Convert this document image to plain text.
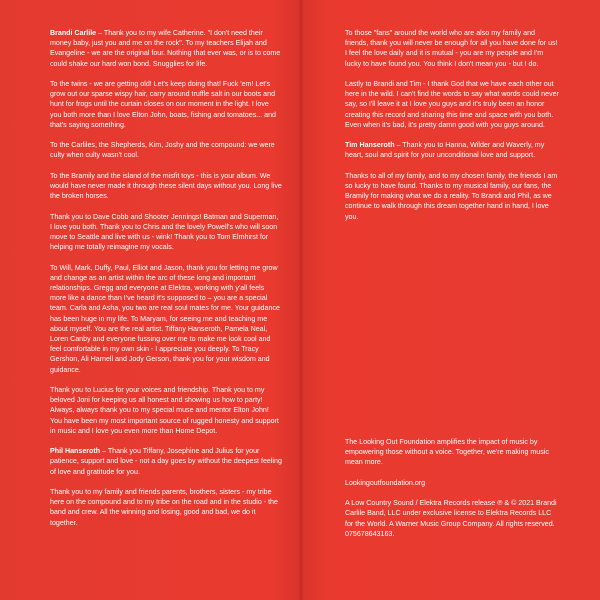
Brandi Carlile – Thank you to my wife Catherine. "I don't need their money baby, just you and me on the rock". To my teachers Elijah and Evangeline - we are the original four. Nothing that ever was, or is to come could shake our hard won bond. Snugglies for life.

To the twins - we are getting old! Let's keep doing that! Fuck 'em! Let's grow out our sparse wispy hair, carry around truffle salt in our boots and hunt for frogs until the curtain closes on our moment in the light. I love you both more than I love Elton John, boats, fishing and tomatoes... and that's saying something.

To the Carliles, the Shepherds, Kim, Joshy and the compound: we were culty when culty wasn't cool.

To the Bramily and the island of the misfit toys - this is your album. We would have never made it through these silent days without you. Long live the broken horses.

Thank you to Dave Cobb and Shooter Jennings! Batman and Superman, I love you both. Thank you to Chris and the lovely Powell's who will soon move to Seattle and live with us - wink! Thank you to Tom Elmhirst for helping me totally reimagine my vocals.

To Will, Mark, Duffy, Paul, Elliot and Jason, thank you for letting me grow and change as an artist within the arc of these long and important relationships. Gregg and everyone at Elektra, working with y'all feels more like a dance than I've heard it's supposed to – you are a special team. Carla and Asha, you two are real soul mates for me. Your guidance has been huge in my life. To Maryam, for seeing me and teaching me about myself. You are the real artist. Tiffany Hanseroth, Pamela Neal, Loren Canby and everyone fussing over me to make me look cool and feel comfortable in my own skin - I appreciate you deeply. To Tracy Gershon, Ali Harnell and Jody Gerson, thank you for your wisdom and guidance.

Thank you to Lucius for your voices and friendship. Thank you to my beloved Joni for keeping us all honest and showing us how to party! Always, always thank you to my special muse and mentor Elton John! You have been my most important source of rugged honesty and support in music and I love you even more than Home Depot.

Phil Hanseroth – Thank you Tiffany, Josephine and Julius for your patience, support and love - not a day goes by without the deepest feeling of love and gratitude for you.

Thank you to my family and friends parents, brothers, sisters - my tribe here on the compound and to my tribe on the road and in the studio - the band and crew. All the winning and losing, good and bad, we do it together.

To those "fans" around the world who are also my family and friends, thank you will never be enough for all you have done for us! I feel the love daily and it is mutual - you are my people and I'm lucky to have found you. You think I don't mean you - but I do.

Lastly to Brandi and Tim - I thank God that we have each other out here in the wild. I can't find the words to say what words could never say, so I'll leave it at I love you guys and it's truly been an honor creating this record and sharing this time and space with you both. Even when it's bad, it's pretty damn good with you guys around.

Tim Hanseroth – Thank you to Hanna, Wilder and Waverly, my heart, soul and spirit for your unconditional love and support.

Thanks to all of my family, and to my chosen family, the friends I am so lucky to have found. Thanks to my musical family, our fans, the Bramily for making what we do a reality. To Brandi and Phil, as we continue to walk through this dream together hand in hand, I love you.

The Looking Out Foundation amplifies the impact of music by empowering those without a voice. Together, we're making music mean more.

Lookingoutfoundation.org

A Low Country Sound / Elektra Records release ℗ & © 2021 Brandi Carlile Band, LLC under exclusive license to Elektra Records LLC for the World. A Warner Music Group Company. All rights reserved. 075678643163.
